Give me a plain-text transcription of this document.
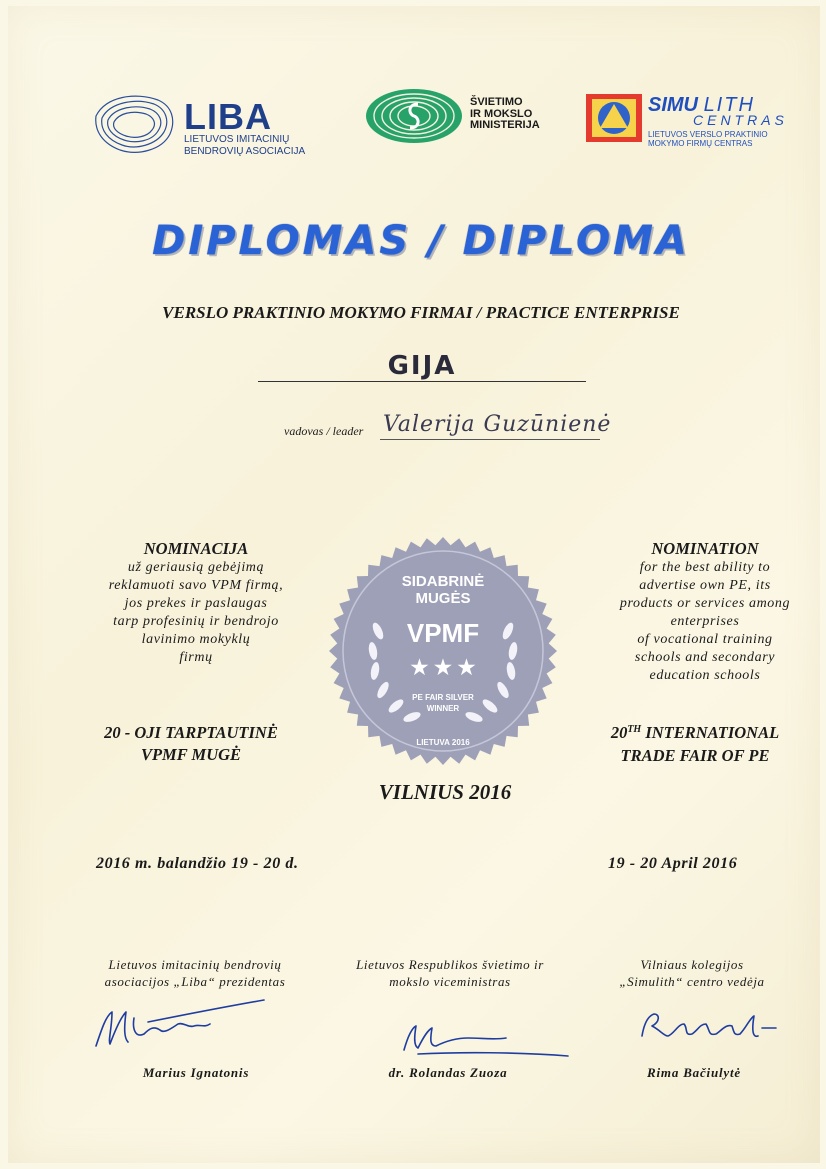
LIBA
LIETUVOS IMITACINIŲ
BENDROVIŲ ASOCIACIJA
ŠVIETIMO
IR MOKSLO
MINISTERIJA
SIMU LITH
CENTRAS
LIETUVOS VERSLO PRAKTINIO
MOKYMO FIRMŲ CENTRAS
DIPLOMAS / DIPLOMA
VERSLO PRAKTINIO MOKYMO FIRMAI / PRACTICE ENTERPRISE
GIJA
vadovas / leader Valerija Guzūnienė
NOMINACIJA
už geriausią gebėjimą
reklamuoti savo VPM firmą,
jos prekes ir paslaugas
tarp profesinių ir bendrojo
lavinimo mokyklų
firmų
NOMINATION
for the best ability to
advertise own PE, its
products or services among
enterprises
of vocational training
schools and secondary
education schools
SIDABRINĖ
MUGĖS
VPMF
★ ★ ★
PE FAIR SILVER
WINNER
LIETUVA 2016
20 - OJI TARPTAUTINĖ
VPMF MUGĖ
20TH INTERNATIONAL
TRADE FAIR OF PE
VILNIUS 2016
2016 m. balandžio 19 - 20 d.	19 - 20 April 2016
Lietuvos imitacinių bendrovių
asociacijos „Liba“ prezidentas
Lietuvos Respublikos švietimo ir
mokslo viceministras
Vilniaus kolegijos
„Simulith“ centro vedėja
Marius Ignatonis	dr. Rolandas Zuoza	Rima Bačiulytė
